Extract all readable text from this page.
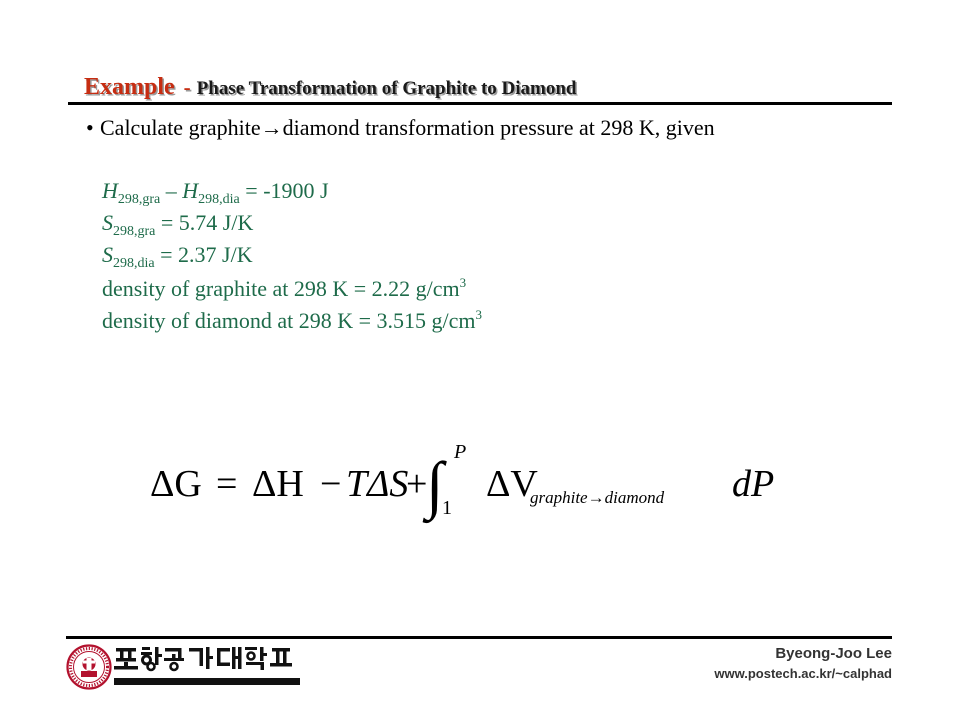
Example - Phase Transformation of Graphite to Diamond
• Calculate graphite→diamond transformation pressure at 298 K, given
$H_{298,gra} - H_{298,dia} = -1900$ J
$S_{298,gra} = 5.74$ J/K
$S_{298,dia} = 2.37$ J/K
density of graphite at 298 K = 2.22 $g/cm^3$
density of diamond at 298 K = 3.515 $g/cm^3$
ΔG = ΔH − TΔS
+
∫ P
1
ΔV
graphite→diamond dP
Byeong-Joo Lee
www.postech.ac.kr/~calphad
